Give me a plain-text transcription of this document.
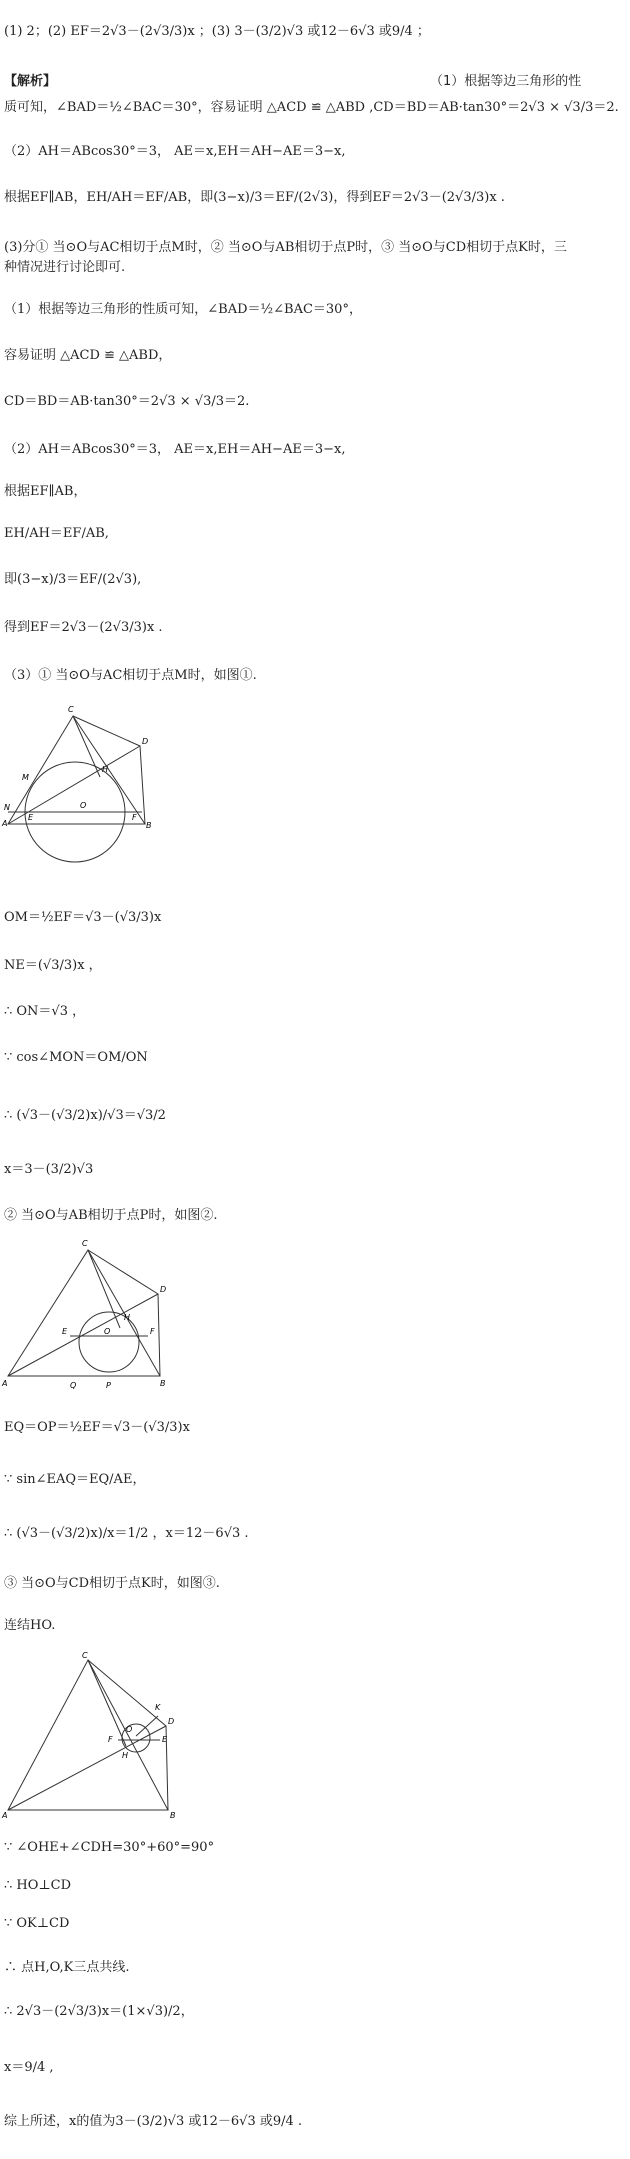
(1) 2；(2) EF＝2√3－(2√3/3)x ；(3) 3－(3/2)√3 或12－6√3 或9/4 ；
【解析】	（1）根据等边三角形的性
质可知，∠BAD＝½∠BAC＝30°，容易证明 △ACD ≌ △ABD ,CD＝BD＝AB·tan30°＝2√3 × √3/3＝2.
（2）AH＝ABcos30°＝3， AE＝x,EH＝AH−AE＝3−x,
根据EF∥AB，EH/AH＝EF/AB，即(3−x)/3＝EF/(2√3)，得到EF＝2√3－(2√3/3)x .
(3)分① 当⊙O与AC相切于点M时，② 当⊙O与AB相切于点P时，③ 当⊙O与CD相切于点K时，三
种情况进行讨论即可.
（1）根据等边三角形的性质可知，∠BAD＝½∠BAC＝30°，
容易证明 △ACD ≌ △ABD，
CD＝BD＝AB·tan30°＝2√3 × √3/3＝2.
（2）AH＝ABcos30°＝3， AE＝x,EH＝AH−AE＝3−x,
根据EF∥AB，
EH/AH＝EF/AB,
即(3−x)/3＝EF/(2√3),
得到EF＝2√3－(2√3/3)x .
（3）① 当⊙O与AC相切于点M时，如图①.
C
D
H
M
N
A
E
O
F
B
OM＝½EF＝√3－(√3/3)x
NE＝(√3/3)x ，
∴ ON＝√3 ，
∵ cos∠MON＝OM/ON
∴ (√3－(√3/2)x)/√3＝√3/2
x＝3－(3/2)√3
② 当⊙O与AB相切于点P时，如图②.
C
D
H
E	O	F
A	Q	P	B
EQ＝OP＝½EF＝√3－(√3/3)x
∵ sin∠EAQ＝EQ/AE，
∴ (√3－(√3/2)x)/x＝1/2 ，x＝12－6√3 .
③ 当⊙O与CD相切于点K时，如图③.
连结HO.
C
K
D
O
F	E
H
A	B
∵ ∠OHE+∠CDH=30°+60°=90°
∴ HO⊥CD
∵ OK⊥CD
∴ 点H,O,K三点共线.
∴ 2√3－(2√3/3)x＝(1×√3)/2，
x＝9/4 ,
综上所述，x的值为3－(3/2)√3 或12－6√3 或9/4 .
